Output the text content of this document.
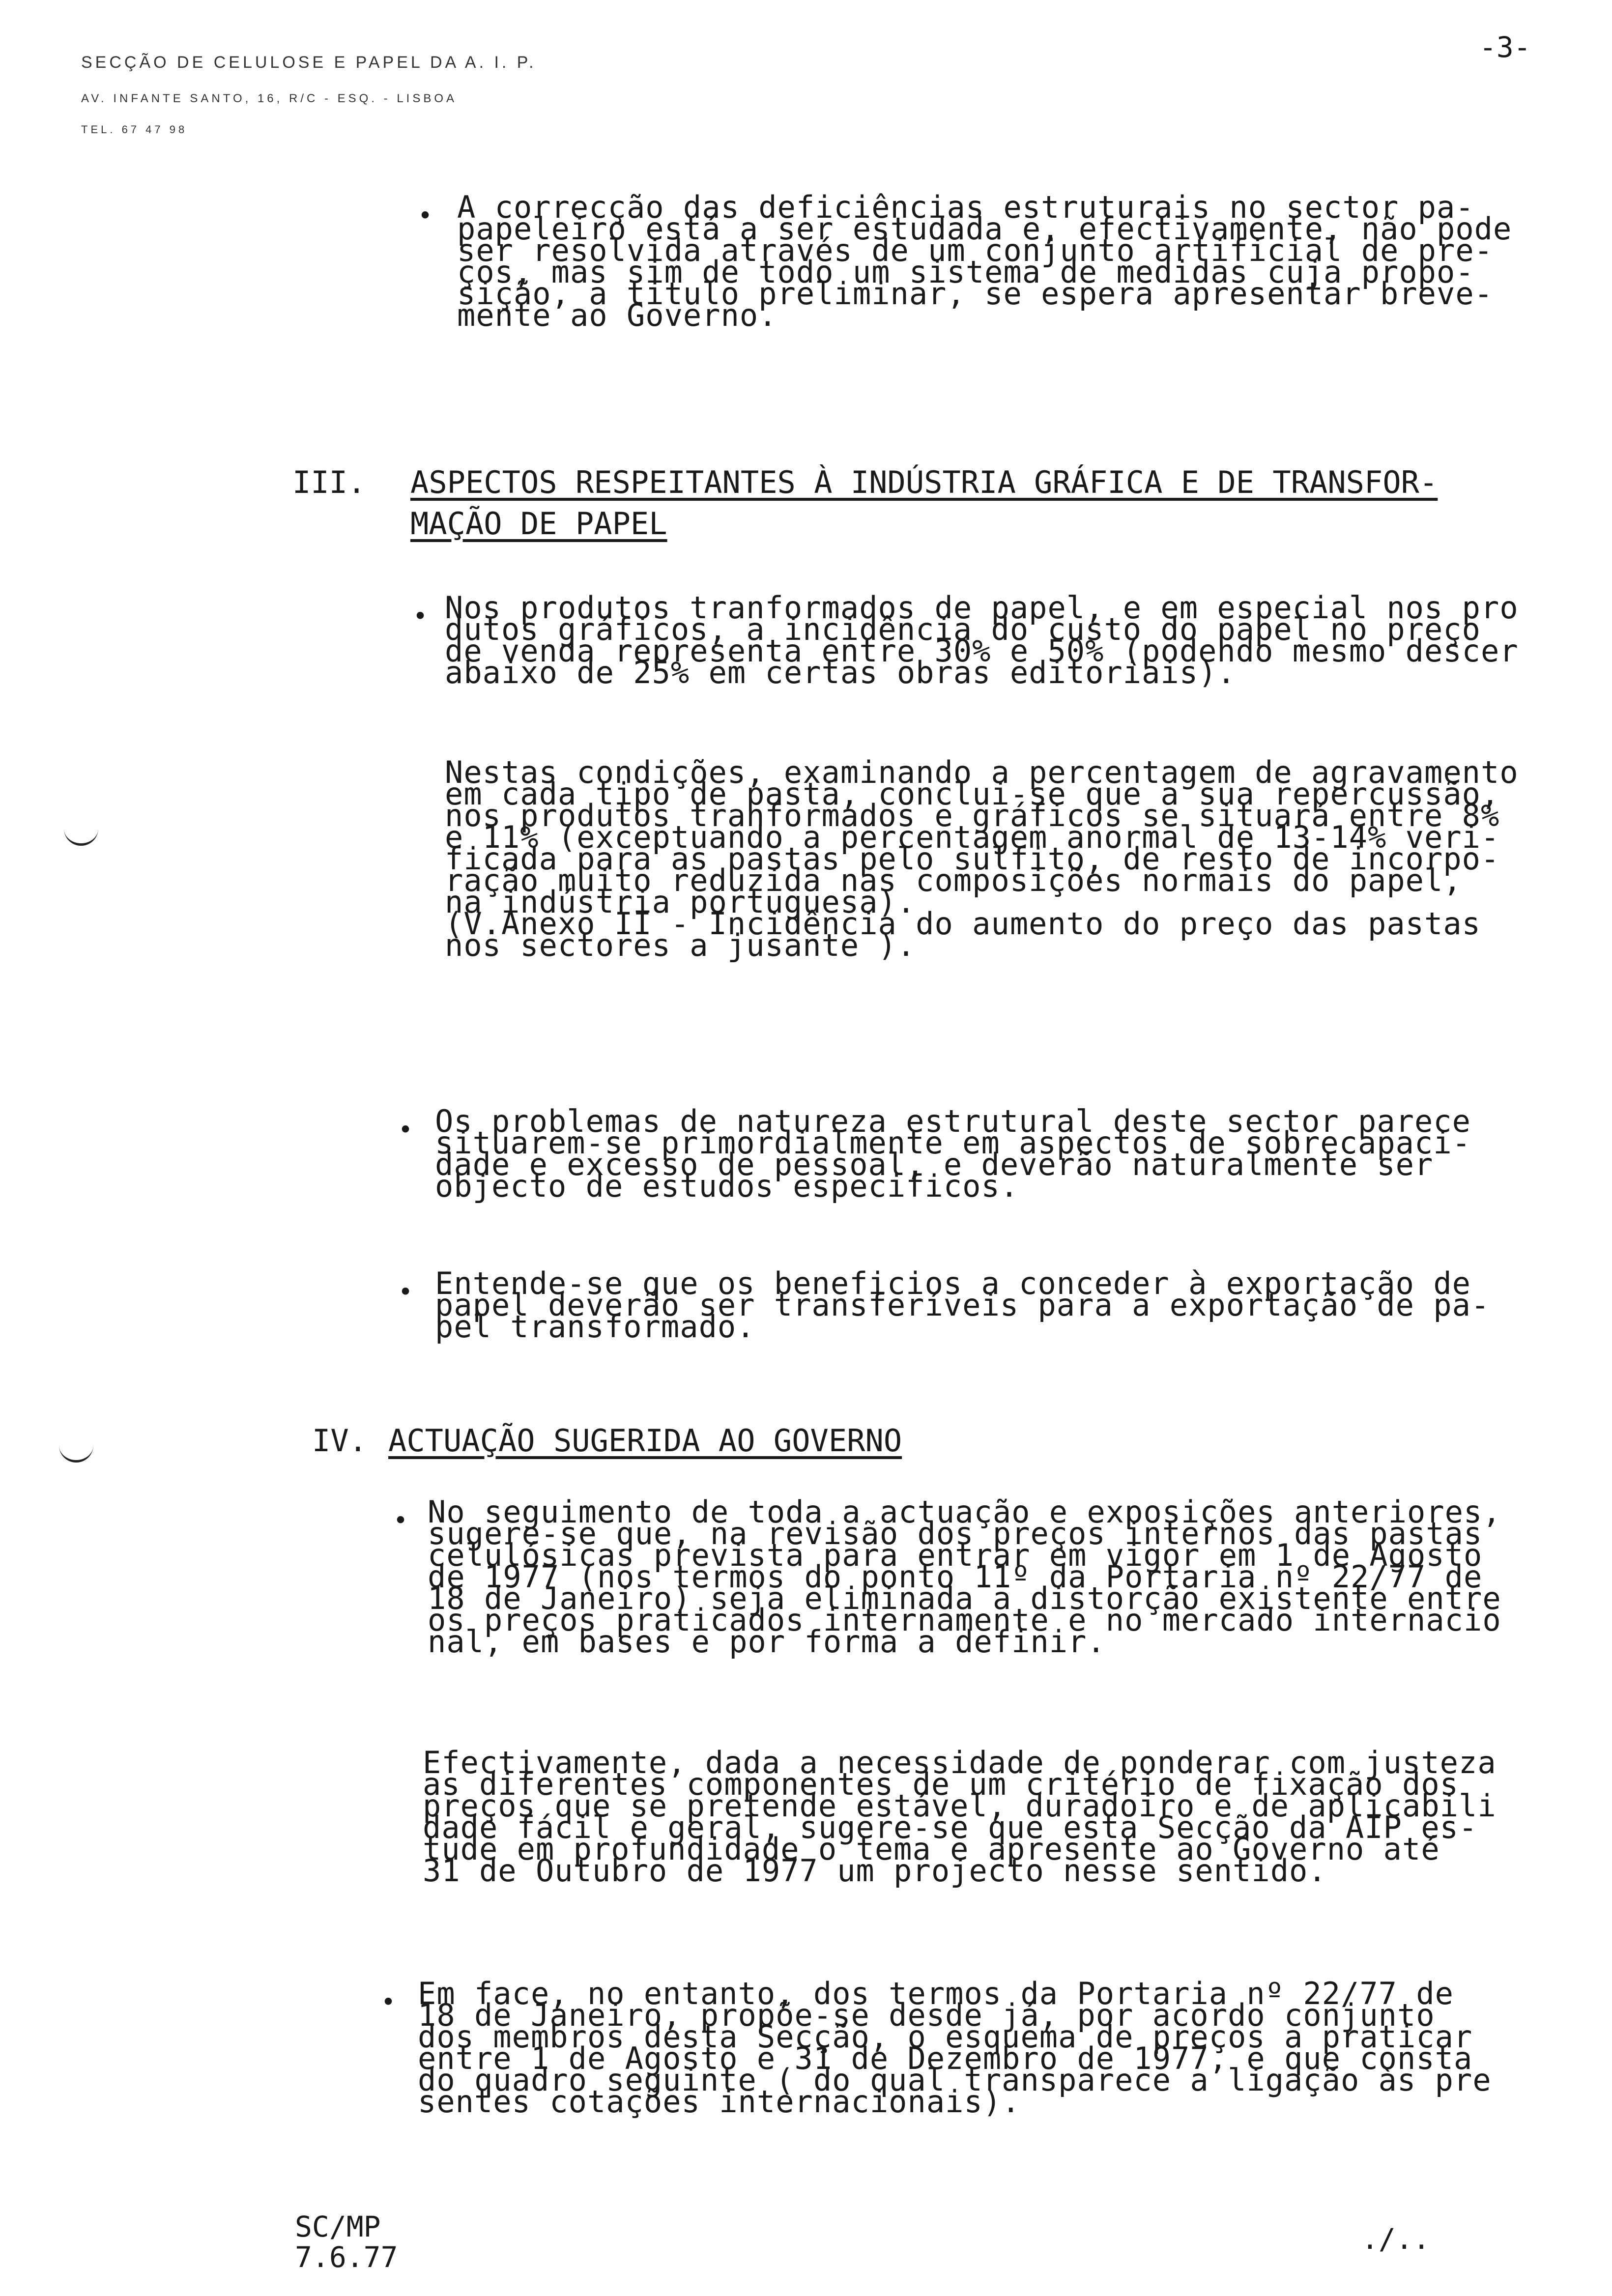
SECÇÃO DE CELULOSE E PAPEL DA A. I. P.
AV. INFANTE SANTO, 16, R/C - ESQ. - LISBOA
TEL. 67 47 98
-3-
• A correcção das deficiências estruturais no sector pa-
papeleiro está a ser estudada e, efectivamente, não pode
ser resolvida através de um conjunto artificial de pre-
ços, mas sim de todo um sistema de medidas cuja propo-
sição, a titulo preliminar, se espera apresentar breve-
mente ao Governo.
III. ASPECTOS RESPEITANTES À INDÚSTRIA GRÁFICA E DE TRANSFOR-
MAÇÃO DE PAPEL
• Nos produtos tranformados de papel, e em especial nos pro
dutos gráficos, a incidência do custo do papel no preço
de venda representa entre 30% e 50% (podendo mesmo descer
abaixo de 25% em certas obras editoriais).
Nestas condições, examinando a percentagem de agravamento
em cada tipo de pasta, conclui-se que a sua repercussão,
nos produtos tranformados e gráficos se situará entre 8%
e 11% (exceptuando a percentagem anormal de 13-14% veri-
ficada para as pastas pelo sulfito, de resto de incorpo-
ração muito reduzida nas composições normais do papel,
na indústria portuguesa).
(V.Anexo II - Incidência do aumento do preço das pastas
nos sectores a jusante ).
• Os problemas de natureza estrutural deste sector parece
situarem-se primordialmente em aspectos de sobrecapaci-
dade e excesso de pessoal, e deverão naturalmente ser
objecto de estudos especificos.
• Entende-se que os beneficios a conceder à exportação de
papel deverão ser transferíveis para a exportação de pa-
pel transformado.
IV. ACTUAÇÃO SUGERIDA AO GOVERNO
• No seguimento de toda a actuação e exposições anteriores,
sugere-se que, na revisão dos preços internos das pastas
celulósicas prevista para entrar em vigor em 1 de Agosto
de 1977 (nos termos do ponto 11º da Portaria nº 22/77 de
18 de Janeiro) seja eliminada a distorção existente entre
os preços praticados internamente e no mercado internacio
nal, em bases e por forma a definir.
Efectivamente, dada a necessidade de ponderar com justeza
as diferentes componentes de um critério de fixação dos
preços que se pretende estável, duradoiro e de aplicabili
dade fácil e geral, sugere-se que esta Secção da AIP es-
tude em profundidade o tema e apresente ao Governo até
31 de Outubro de 1977 um projecto nesse sentido.
• Em face, no entanto, dos termos da Portaria nº 22/77 de
18 de Janeiro, propõe-se desde já, por acordo conjunto
dos membros desta Secção, o esquema de preços a praticar
entre 1 de Agosto e 31 de Dezembro de 1977, e que consta
do quadro seguinte ( do qual transparece a ligação às pre
sentes cotações internacionais).
SC/MP
7.6.77
./..
